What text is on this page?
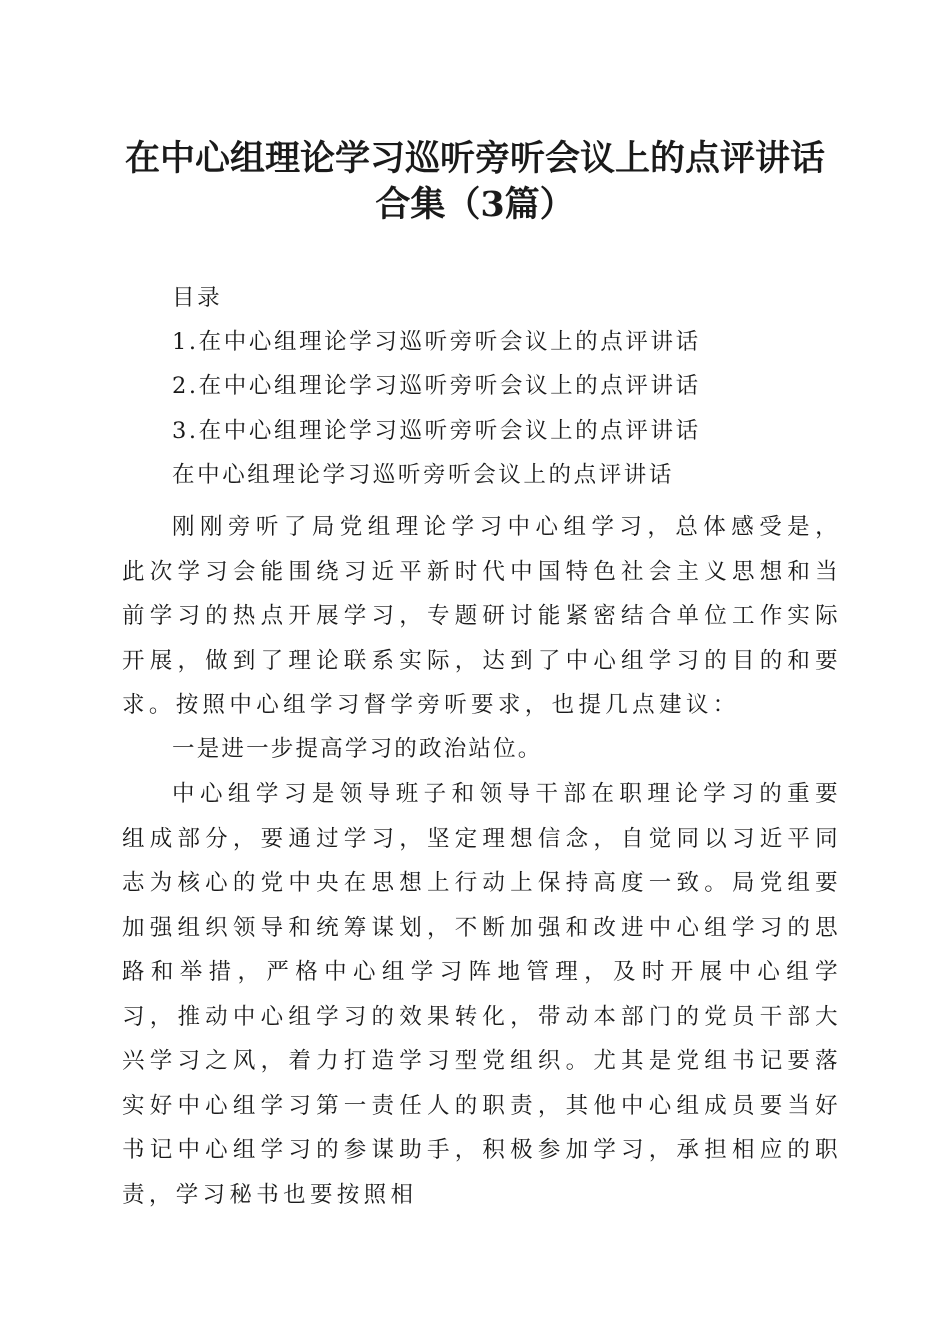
在中心组理论学习巡听旁听会议上的点评讲话
合集（3篇）
目录
1.在中心组理论学习巡听旁听会议上的点评讲话
2.在中心组理论学习巡听旁听会议上的点评讲话
3.在中心组理论学习巡听旁听会议上的点评讲话
在中心组理论学习巡听旁听会议上的点评讲话

刚刚旁听了局党组理论学习中心组学习，总体感受是，此次学习会能围绕习近平新时代中国特色社会主义思想和当前学习的热点开展学习，专题研讨能紧密结合单位工作实际开展，做到了理论联系实际，达到了中心组学习的目的和要求。按照中心组学习督学旁听要求，也提几点建议：

一是进一步提高学习的政治站位。

中心组学习是领导班子和领导干部在职理论学习的重要组成部分，要通过学习，坚定理想信念，自觉同以习近平同志为核心的党中央在思想上行动上保持高度一致。局党组要加强组织领导和统筹谋划，不断加强和改进中心组学习的思路和举措，严格中心组学习阵地管理，及时开展中心组学习，推动中心组学习的效果转化，带动本部门的党员干部大兴学习之风，着力打造学习型党组织。尤其是党组书记要落实好中心组学习第一责任人的职责，其他中心组成员要当好书记中心组学习的参谋助手，积极参加学习，承担相应的职责，学习秘书也要按照相
